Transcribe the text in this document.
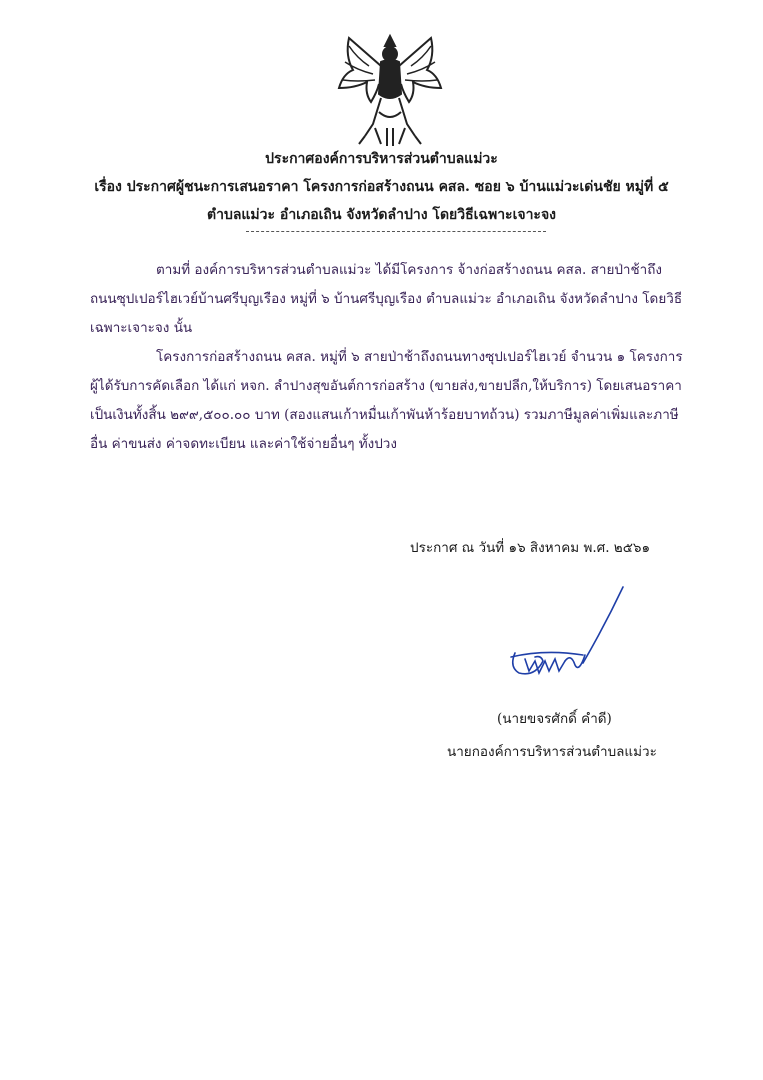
ประกาศองค์การบริหารส่วนตำบลแม่วะ
เรื่อง ประกาศผู้ชนะการเสนอราคา โครงการก่อสร้างถนน คสล. ซอย ๖ บ้านแม่วะเด่นชัย หมู่ที่ ๕
ตำบลแม่วะ อำเภอเถิน จังหวัดลำปาง โดยวิธีเฉพาะเจาะจง
ตามที่ องค์การบริหารส่วนตำบลแม่วะ ได้มีโครงการ จ้างก่อสร้างถนน คสล. สายป่าช้าถึง ถนนซุปเปอร์ไฮเวย์บ้านศรีบุญเรือง หมู่ที่ ๖ บ้านศรีบุญเรือง ตำบลแม่วะ อำเภอเถิน จังหวัดลำปาง โดยวิธีเฉพาะเจาะจง นั้น
โครงการก่อสร้างถนน คสล. หมู่ที่ ๖ สายป่าช้าถึงถนนทางซุปเปอร์ไฮเวย์ จำนวน ๑ โครงการ ผู้ได้รับการคัดเลือก ได้แก่ หจก. ลำปางสุขอันต์การก่อสร้าง (ขายส่ง,ขายปลีก,ให้บริการ) โดยเสนอราคา เป็นเงินทั้งสิ้น ๒๙๙,๕๐๐.๐๐ บาท (สองแสนเก้าหมื่นเก้าพันห้าร้อยบาทถ้วน) รวมภาษีมูลค่าเพิ่มและภาษีอื่น ค่าขนส่ง ค่าจดทะเบียน และค่าใช้จ่ายอื่นๆ ทั้งปวง
ประกาศ ณ วันที่ ๑๖ สิงหาคม พ.ศ. ๒๕๖๑
(นายขจรศักดิ์ คำดี)
นายกองค์การบริหารส่วนตำบลแม่วะ
